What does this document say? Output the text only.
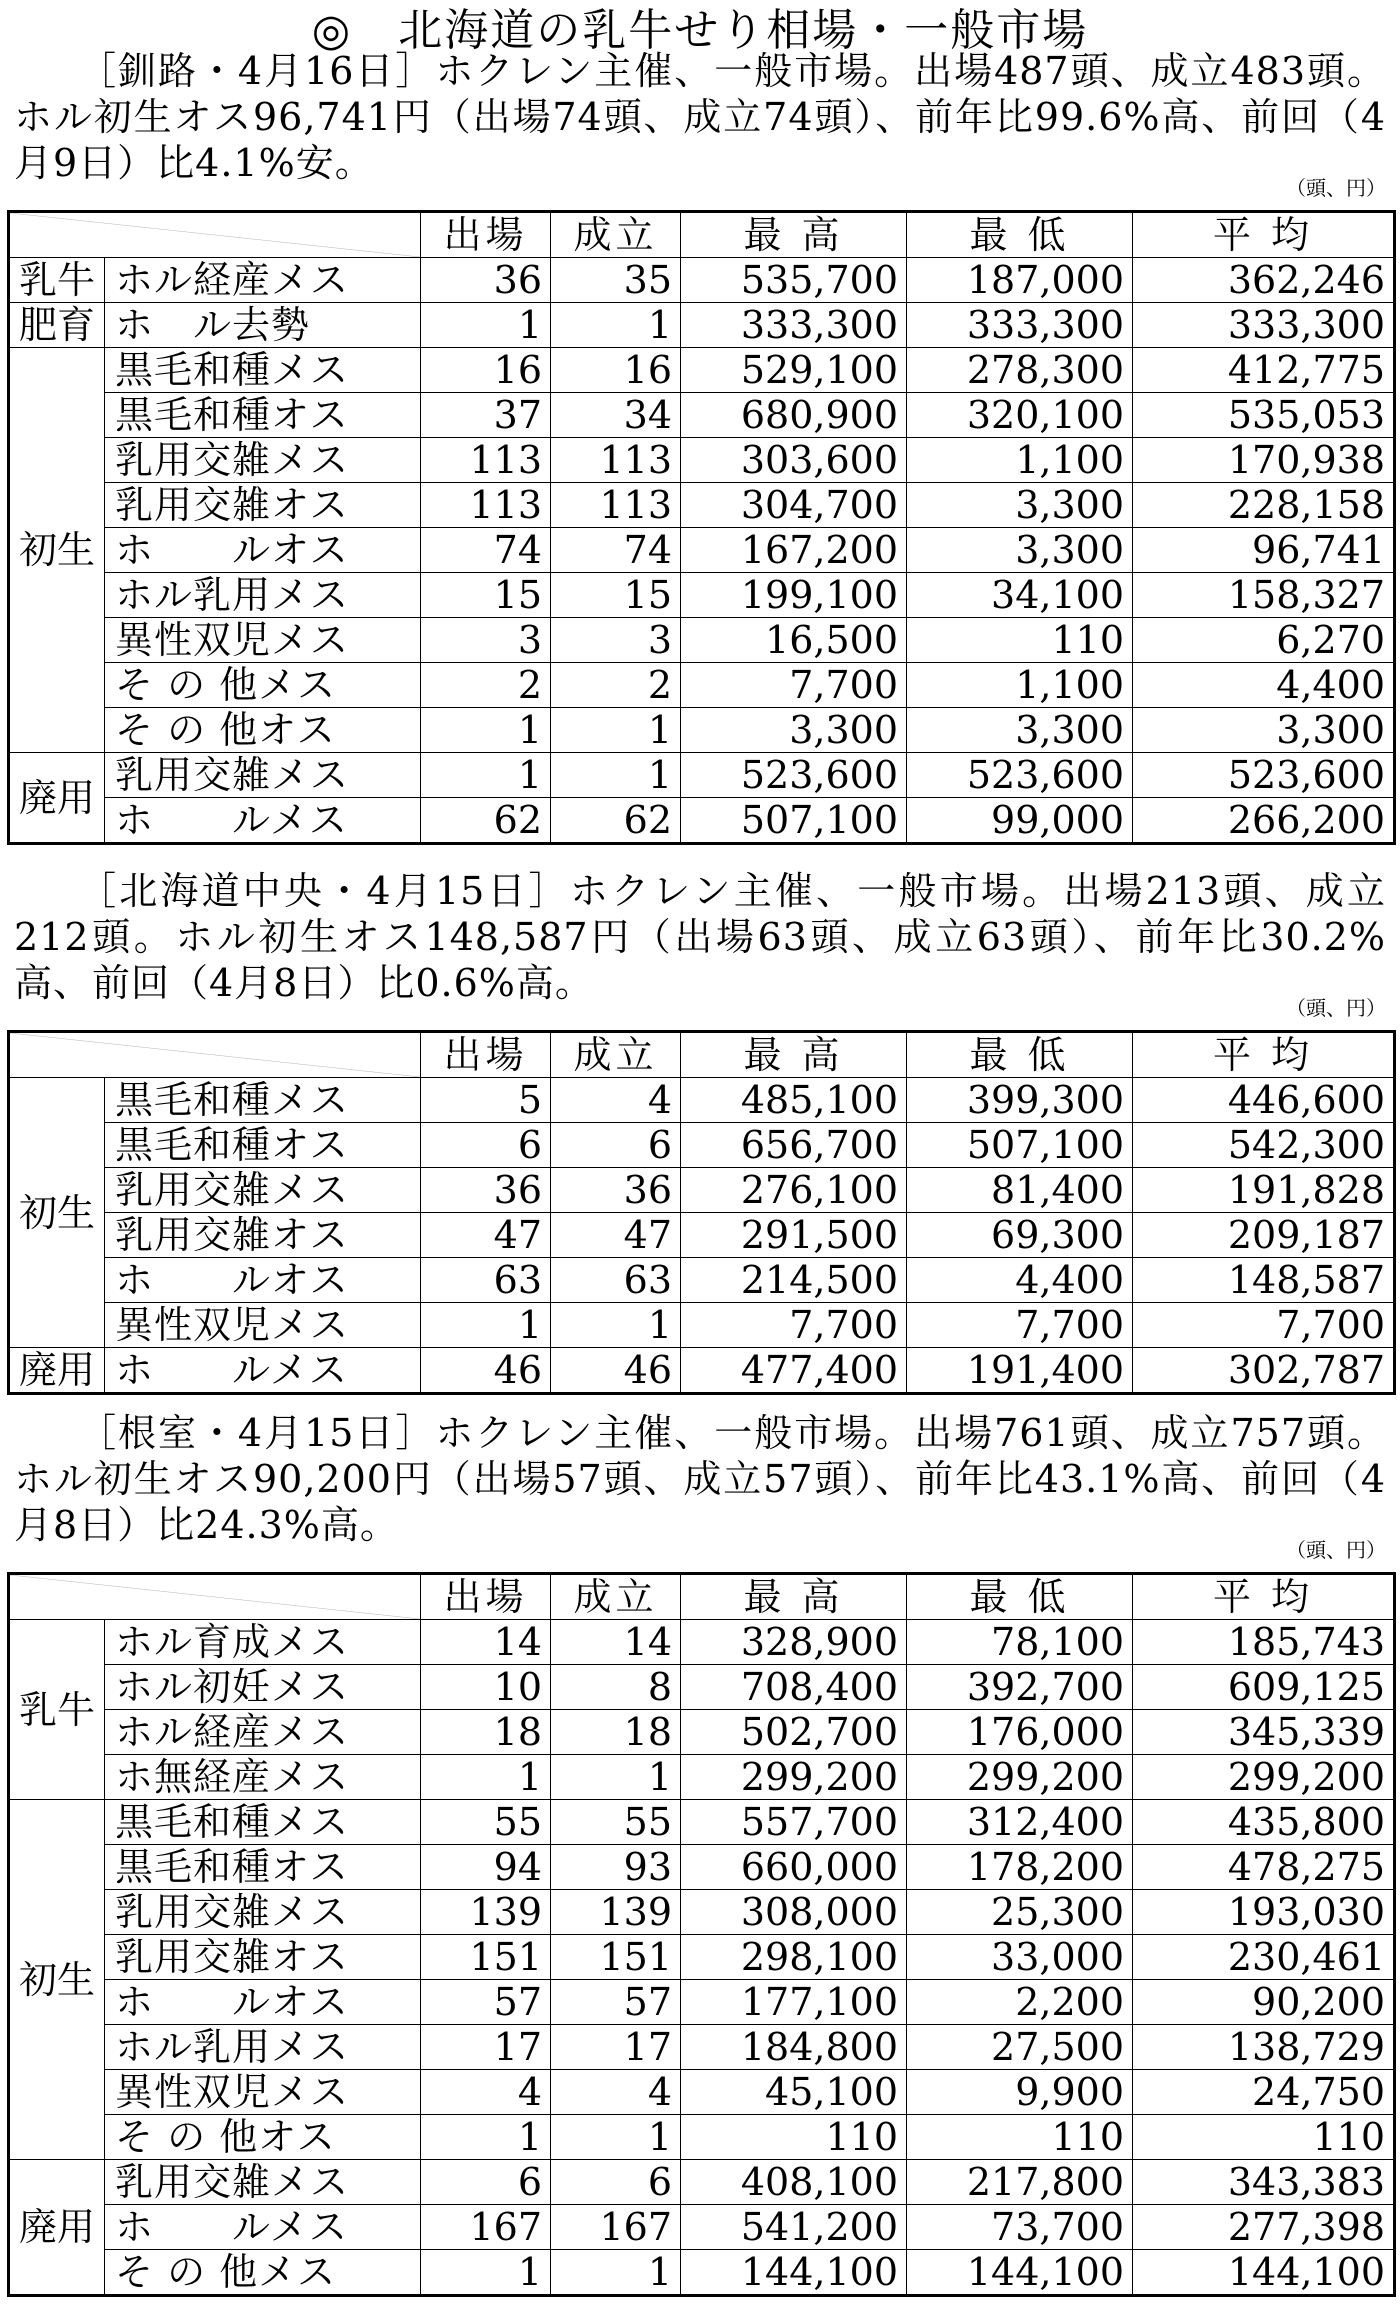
◎　北海道の乳牛せり相場・一般市場
［釧路・4月16日］ホクレン主催、一般市場。出場487頭、成立483頭。ホル初生オス96,741円（出場74頭、成立74頭）、前年比99.6%高、前回（4月9日）比4.1%安。
（頭、円）
	出場	成立	最 高	最 低	平 均
乳牛	ホル経産メス	36	35	535,700	187,000	362,246
肥育	ホ　ル去勢	1	1	333,300	333,300	333,300
初生	黒毛和種メス	16	16	529,100	278,300	412,775
	黒毛和種オス	37	34	680,900	320,100	535,053
	乳用交雑メス	113	113	303,600	1,100	170,938
	乳用交雑オス	113	113	304,700	3,300	228,158
	ホ　　ルオス	74	74	167,200	3,300	96,741
	ホル乳用メス	15	15	199,100	34,100	158,327
	異性双児メス	3	3	16,500	110	6,270
	そ の 他メス	2	2	7,700	1,100	4,400
	そ の 他オス	1	1	3,300	3,300	3,300
廃用	乳用交雑メス	1	1	523,600	523,600	523,600
	ホ　　ルメス	62	62	507,100	99,000	266,200
［北海道中央・4月15日］ホクレン主催、一般市場。出場213頭、成立212頭。ホル初生オス148,587円（出場63頭、成立63頭）、前年比30.2%高、前回（4月8日）比0.6%高。
（頭、円）
	出場	成立	最 高	最 低	平 均
初生	黒毛和種メス	5	4	485,100	399,300	446,600
	黒毛和種オス	6	6	656,700	507,100	542,300
	乳用交雑メス	36	36	276,100	81,400	191,828
	乳用交雑オス	47	47	291,500	69,300	209,187
	ホ　　ルオス	63	63	214,500	4,400	148,587
	異性双児メス	1	1	7,700	7,700	7,700
廃用	ホ　　ルメス	46	46	477,400	191,400	302,787
［根室・4月15日］ホクレン主催、一般市場。出場761頭、成立757頭。ホル初生オス90,200円（出場57頭、成立57頭）、前年比43.1%高、前回（4月8日）比24.3%高。
（頭、円）
	出場	成立	最 高	最 低	平 均
乳牛	ホル育成メス	14	14	328,900	78,100	185,743
	ホル初妊メス	10	8	708,400	392,700	609,125
	ホル経産メス	18	18	502,700	176,000	345,339
	ホ無経産メス	1	1	299,200	299,200	299,200
初生	黒毛和種メス	55	55	557,700	312,400	435,800
	黒毛和種オス	94	93	660,000	178,200	478,275
	乳用交雑メス	139	139	308,000	25,300	193,030
	乳用交雑オス	151	151	298,100	33,000	230,461
	ホ　　ルオス	57	57	177,100	2,200	90,200
	ホル乳用メス	17	17	184,800	27,500	138,729
	異性双児メス	4	4	45,100	9,900	24,750
	そ の 他オス	1	1	110	110	110
廃用	乳用交雑メス	6	6	408,100	217,800	343,383
	ホ　　ルメス	167	167	541,200	73,700	277,398
	そ の 他メス	1	1	144,100	144,100	144,100
